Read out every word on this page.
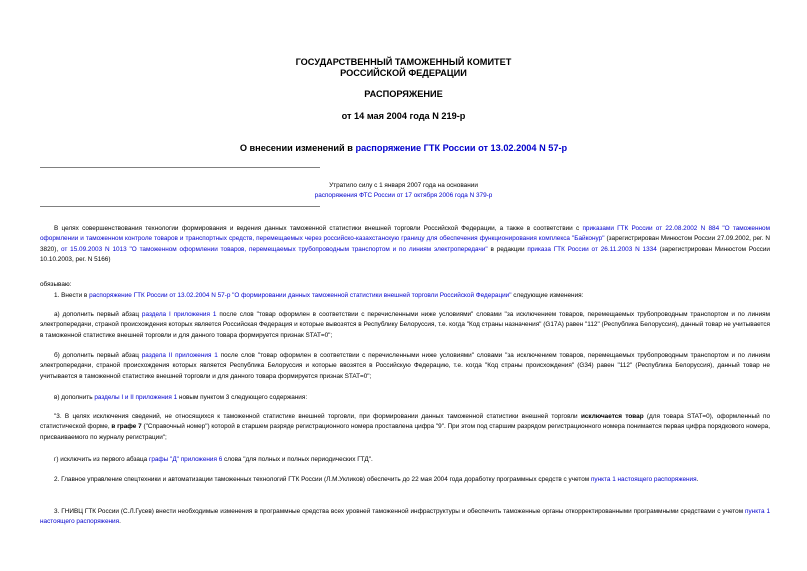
ГОСУДАРСТВЕННЫЙ ТАМОЖЕННЫЙ КОМИТЕТ
РОССИЙСКОЙ ФЕДЕРАЦИИ
РАСПОРЯЖЕНИЕ
от 14 мая 2004 года N 219-р
О внесении изменений в распоряжение ГТК России от 13.02.2004 N 57-р
Утратило силу с 1 января 2007 года на основании
распоряжения ФТС России от 17 октября 2006 года N 379-р

В целях совершенствования технологии формирования и ведения данных таможенной статистики внешней торговли Российской Федерации, а также в соответствии с приказами ГТК России от 22.08.2002 N 884 "О таможенном оформлении и таможенном контроле товаров и транспортных средств, перемещаемых через российско-казахстанскую границу для обеспечения функционирования комплекса "Байконур" (зарегистрирован Минюстом России 27.09.2002, рег. N 3820), от 15.09.2003 N 1013 "О таможенном оформлении товаров, перемещаемых трубопроводным транспортом и по линиям электропередачи" в редакции приказа ГТК России от 26.11.2003 N 1334 (зарегистрирован Минюстом России 10.10.2003, рег. N 5166)

обязываю:

1. Внести в распоряжение ГТК России от 13.02.2004 N 57-р "О формировании данных таможенной статистики внешней торговли Российской Федерации" следующие изменения:

а) дополнить первый абзац раздела I приложения 1 после слов "товар оформлен в соответствии с перечисленными ниже условиями" словами "за исключением товаров, перемещаемых трубопроводным транспортом и по линиям электропередачи, страной происхождения которых является Российская Федерация и которые вывозятся в Республику Белоруссия, т.е. когда "Код страны назначения" (G17A) равен "112" (Республика Белоруссия), данный товар не учитывается в таможенной статистике внешней торговли и для данного товара формируется признак STAT=0";

б) дополнить первый абзац раздела II приложения 1 после слов "товар оформлен в соответствии с перечисленными ниже условиями" словами "за исключением товаров, перемещаемых трубопроводным транспортом и по линиям электропередачи, страной происхождения которых является Республика Белоруссия и которые ввозятся в Российскую Федерацию, т.е. когда "Код страны происхождения" (G34) равен "112" (Республика Белоруссия), данный товар не учитывается в таможенной статистике внешней торговли и для данного товара формируется признак STAT=0";

в) дополнить разделы I и II приложения 1 новым пунктом 3 следующего содержания:

"3. В целях исключения сведений, не относящихся к таможенной статистике внешней торговли, при формировании данных таможенной статистики внешней торговли исключается товар (для товара STAT=0), оформленный по статистической форме, в графе 7 ("Справочный номер") которой в старшем разряде регистрационного номера проставлена цифра "9". При этом под старшим разрядом регистрационного номера понимается первая цифра порядкового номера, присваиваемого по журналу регистрации";

г) исключить из первого абзаца графы "Д" приложения 6 слова "для полных и полных периодических ГТД".

2. Главное управление спецтехники и автоматизации таможенных технологий ГТК России (Л.М.Укликов) обеспечить до 22 мая 2004 года доработку программных средств с учетом пункта 1 настоящего распоряжения.

3. ГНИВЦ ГТК России (С.Л.Гусев) внести необходимые изменения в программные средства всех уровней таможенной инфраструктуры и обеспечить таможенные органы откорректированными программными средствами с учетом пункта 1 настоящего распоряжения.
